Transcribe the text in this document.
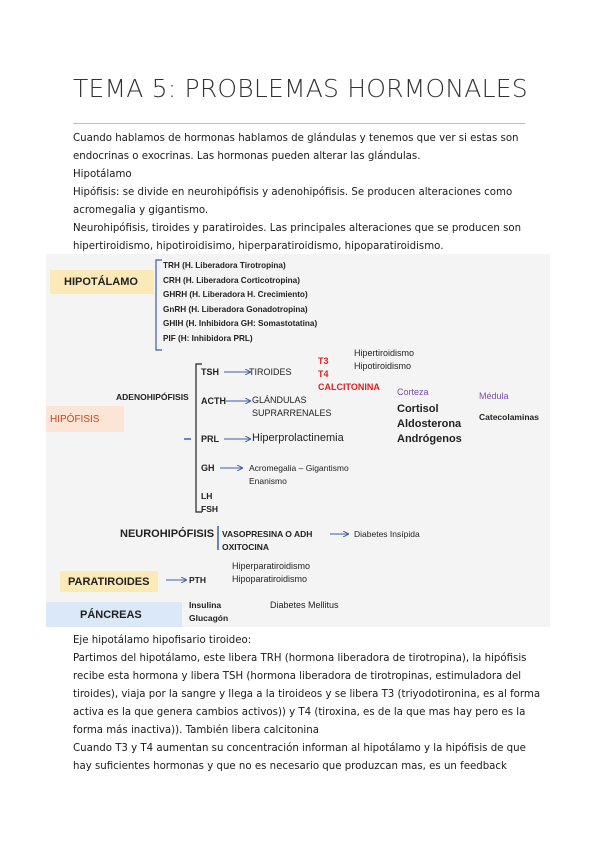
TEMA 5: PROBLEMAS HORMONALES
Cuando hablamos de hormonas hablamos de glándulas y tenemos que ver si estas son
endocrinas o exocrinas. Las hormonas pueden alterar las glándulas.
Hipotálamo
Hipófisis: se divide en neurohipófisis y adenohipófisis. Se producen alteraciones como
acromegalia y gigantismo.
Neurohipófisis, tiroides y paratiroides. Las principales alteraciones que se producen son
hipertiroidismo, hipotiroidisimo, hiperparatiroidismo, hipoparatiroidismo.
HIPOTÁLAMO
TRH (H. Liberadora Tirotropina)
CRH (H. Liberadora Corticotropina)
GHRH (H. Liberadora H. Crecimiento)
GnRH (H. Liberadora Gonadotropina)
GHIH (H. Inhibidora GH: Somastotatina)
PIF (H: Inhibidora PRL)
HIPÓFISIS
ADENOHIPÓFISIS
TSH	TIROIDES
T3
T4
CALCITONINA
Hipertiroidismo
Hipotiroidismo
ACTH	GLÁNDULAS
SUPRARRENALES
Corteza
Cortisol
Aldosterona
Andrógenos
Médula
Catecolaminas
PRL	Hiperprolactinemia
GH	Acromegalia – Gigantismo
Enanismo
LH
FSH
NEUROHIPÓFISIS VASOPRESINA O ADH
OXITOCINA
Diabetes Insípida
Hiperparatiroidismo
Hipoparatiroidismo
PARATIROIDES	PTH
PÁNCREAS
Insulina
Glucagón
Diabetes Mellitus
Eje hipotálamo hipofisario tiroideo:
Partimos del hipotálamo, este libera TRH (hormona liberadora de tirotropina), la hipófisis
recibe esta hormona y libera TSH (hormona liberadora de tirotropinas, estimuladora del
tiroides), viaja por la sangre y llega a la tiroideos y se libera T3 (triyodotironina, es al forma
activa es la que genera cambios activos)) y T4 (tiroxina, es de la que mas hay pero es la
forma más inactiva)). También libera calcitonina
Cuando T3 y T4 aumentan su concentración informan al hipotálamo y la hipófisis de que
hay suficientes hormonas y que no es necesario que produzcan mas, es un feedback
